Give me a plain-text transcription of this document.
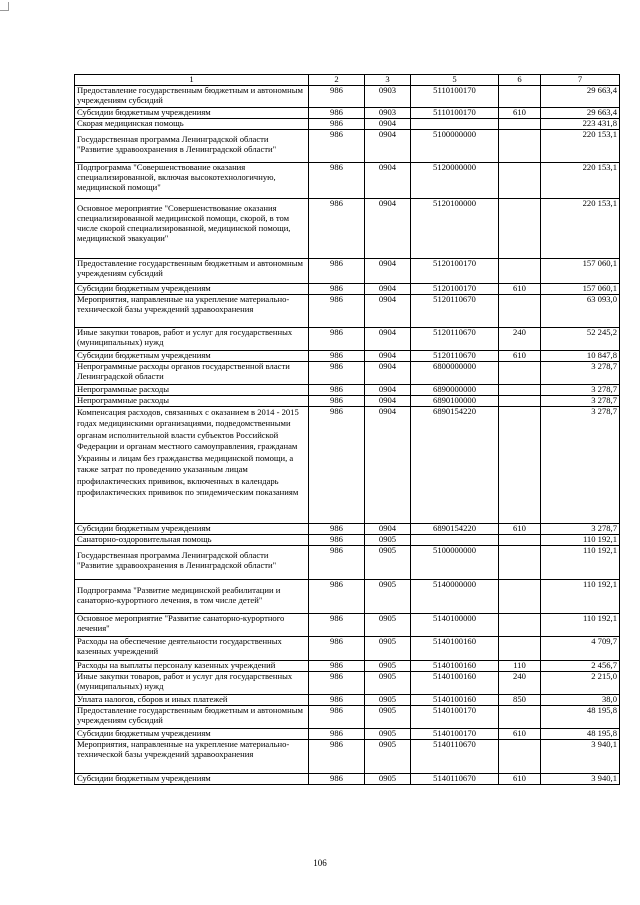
1	2	3	5	6	7
Предоставление государственным бюджетным и автономным учреждениям субсидий	986	0903	5110100170		29 663,4
Субсидии бюджетным учреждениям	986	0903	5110100170	610	29 663,4
Скорая медицинская помощь	986	0904			223 431,8
Государственная программа Ленинградской области "Развитие здравоохранения в Ленинградской области"	986	0904	5100000000		220 153,1
Подпрограмма "Совершенствование оказания специализированной, включая высокотехнологичную, медицинской помощи"	986	0904	5120000000		220 153,1
Основное мероприятие "Совершенствование оказания специализированной медицинской помощи, скорой, в том числе скорой специализированной, медицинской помощи, медицинской эвакуации"	986	0904	5120100000		220 153,1
Предоставление государственным бюджетным и автономным учреждениям субсидий	986	0904	5120100170		157 060,1
Субсидии бюджетным учреждениям	986	0904	5120100170	610	157 060,1
Мероприятия, направленные на укрепление материально-технической базы учреждений здравоохранения	986	0904	5120110670		63 093,0
Иные закупки товаров, работ и услуг для государственных (муниципальных) нужд	986	0904	5120110670	240	52 245,2
Субсидии бюджетным учреждениям	986	0904	5120110670	610	10 847,8
Непрограммные расходы органов государственной власти Ленинградской области	986	0904	6800000000		3 278,7
Непрограммные расходы	986	0904	6890000000		3 278,7
Непрограммные расходы	986	0904	6890100000		3 278,7
Компенсация расходов, связанных с оказанием в 2014 - 2015 годах медицинскими организациями, подведомственными органам исполнительной власти субъектов Российской Федерации и органам местного самоуправления, гражданам Украины и лицам без гражданства медицинской помощи, а также затрат по проведению указанным лицам профилактических прививок, включенных в календарь профилактических прививок по эпидемическим показаниям	986	0904	6890154220		3 278,7
Субсидии бюджетным учреждениям	986	0904	6890154220	610	3 278,7
Санаторно-оздоровительная помощь	986	0905			110 192,1
Государственная программа Ленинградской области "Развитие здравоохранения в Ленинградской области"	986	0905	5100000000		110 192,1
Подпрограмма "Развитие медицинской реабилитации и санаторно-курортного лечения, в том числе детей"	986	0905	5140000000		110 192,1
Основное мероприятие "Развитие санаторно-курортного лечения"	986	0905	5140100000		110 192,1
Расходы на обеспечение деятельности государственных казенных учреждений	986	0905	5140100160		4 709,7
Расходы на выплаты персоналу казенных учреждений	986	0905	5140100160	110	2 456,7
Иные закупки товаров, работ и услуг для государственных (муниципальных) нужд	986	0905	5140100160	240	2 215,0
Уплата налогов, сборов и иных платежей	986	0905	5140100160	850	38,0
Предоставление государственным бюджетным и автономным учреждениям субсидий	986	0905	5140100170		48 195,8
Субсидии бюджетным учреждениям	986	0905	5140100170	610	48 195,8
Мероприятия, направленные на укрепление материально-технической базы учреждений здравоохранения	986	0905	5140110670		3 940,1
Субсидии бюджетным учреждениям	986	0905	5140110670	610	3 940,1
106
